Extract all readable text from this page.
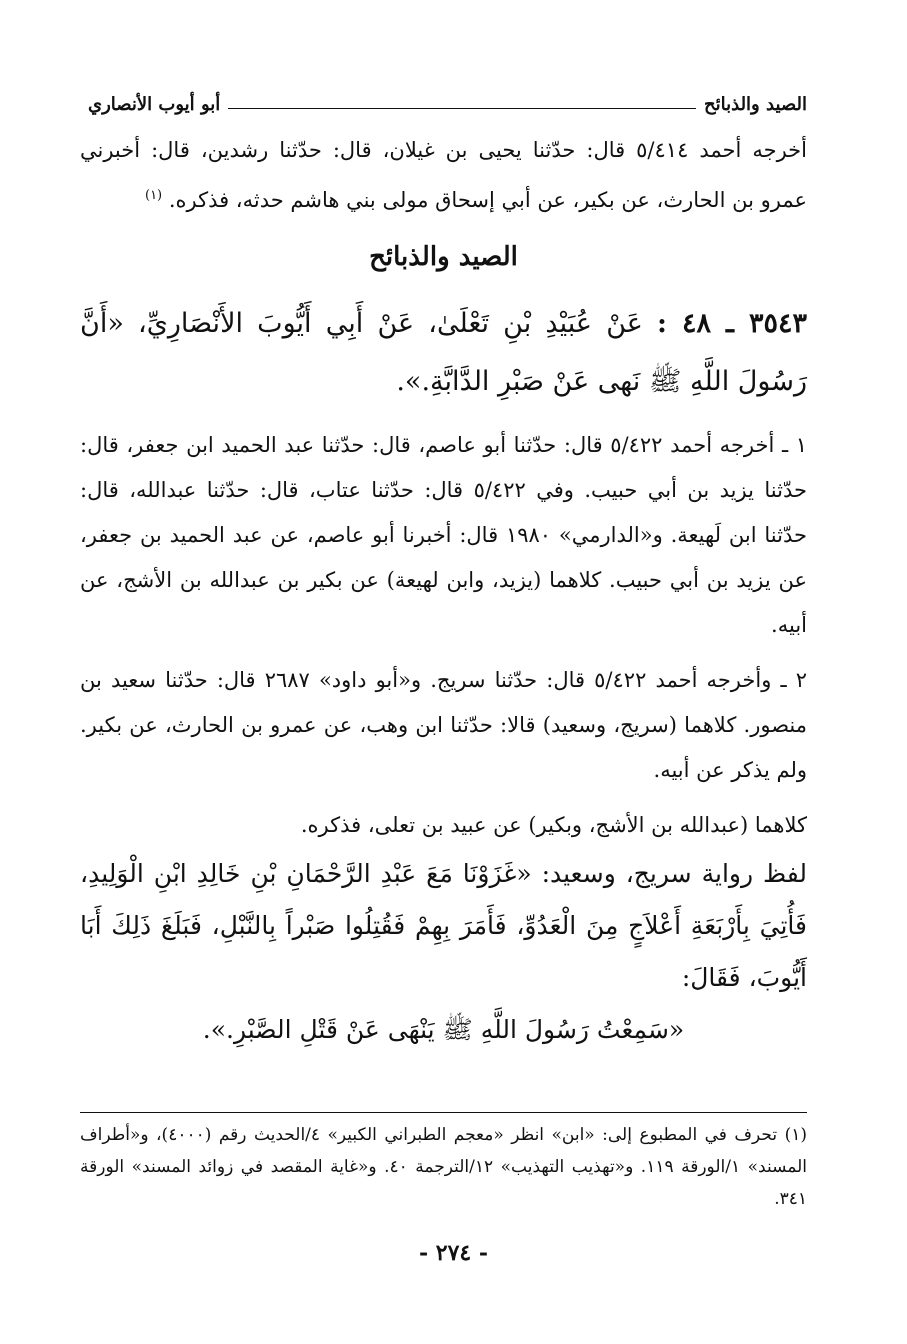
الصيد والذبائح
أبو أيوب الأنصاري

أخرجه أحمد ٥/٤١٤ قال: حدّثنا يحيى بن غيلان، قال: حدّثنا رشدين، قال: أخبرني عمرو بن الحارث، عن بكير، عن أبي إسحاق مولى بني هاشم حدثه، فذكره. $^{(١)}$

الصيد والذبائح

٣٥٤٣ ـ ٤٨ : عَنْ عُبَيْدِ بْنِ تَعْلَىٰ، عَنْ أَبِي أَيُّوبَ الأَنْصَارِيِّ، «أَنَّ رَسُولَ اللَّهِ ﷺ نَهى عَنْ صَبْرِ الدَّابَّةِ.».

١ ـ أخرجه أحمد ٥/٤٢٢ قال: حدّثنا أبو عاصم، قال: حدّثنا عبد الحميد ابن جعفر، قال: حدّثنا يزيد بن أبي حبيب. وفي ٥/٤٢٢ قال: حدّثنا عتاب، قال: حدّثنا عبدالله، قال: حدّثنا ابن لَهيعة. و«الدارمي» ١٩٨٠ قال: أخبرنا أبو عاصم، عن عبد الحميد بن جعفر، عن يزيد بن أبي حبيب. كلاهما (يزيد، وابن لهيعة) عن بكير بن عبدالله بن الأشج، عن أبيه.

٢ ـ وأخرجه أحمد ٥/٤٢٢ قال: حدّثنا سريج. و«أبو داود» ٢٦٨٧ قال: حدّثنا سعيد بن منصور. كلاهما (سريج، وسعيد) قالا: حدّثنا ابن وهب، عن عمرو بن الحارث، عن بكير. ولم يذكر عن أبيه.

كلاهما (عبدالله بن الأشج، وبكير) عن عبيد بن تعلى، فذكره.

لفظ رواية سريج، وسعيد: «غَزَوْنَا مَعَ عَبْدِ الرَّحْمَانِ بْنِ خَالِدِ ابْنِ الْوَلِيدِ، فَأُتِيَ بِأَرْبَعَةِ أَعْلاَجٍ مِنَ الْعَدُوِّ، فَأَمَرَ بِهِمْ فَقُتِلُوا صَبْراً بِالنَّبْلِ، فَبَلَغَ ذَلِكَ أَبَا أَيُّوبَ، فَقَالَ:

«سَمِعْتُ رَسُولَ اللَّهِ ﷺ يَنْهَى عَنْ قَتْلِ الصَّبْرِ.».

(١) تحرف في المطبوع إلى: «ابن» انظر «معجم الطبراني الكبير» ٤/الحديث رقم (٤٠٠٠)، و«أطراف المسند» ١/الورقة ١١٩. و«تهذيب التهذيب» ١٢/الترجمة ٤٠. و«غاية المقصد في زوائد المسند» الورقة ٣٤١.

- ٢٧٤ -
